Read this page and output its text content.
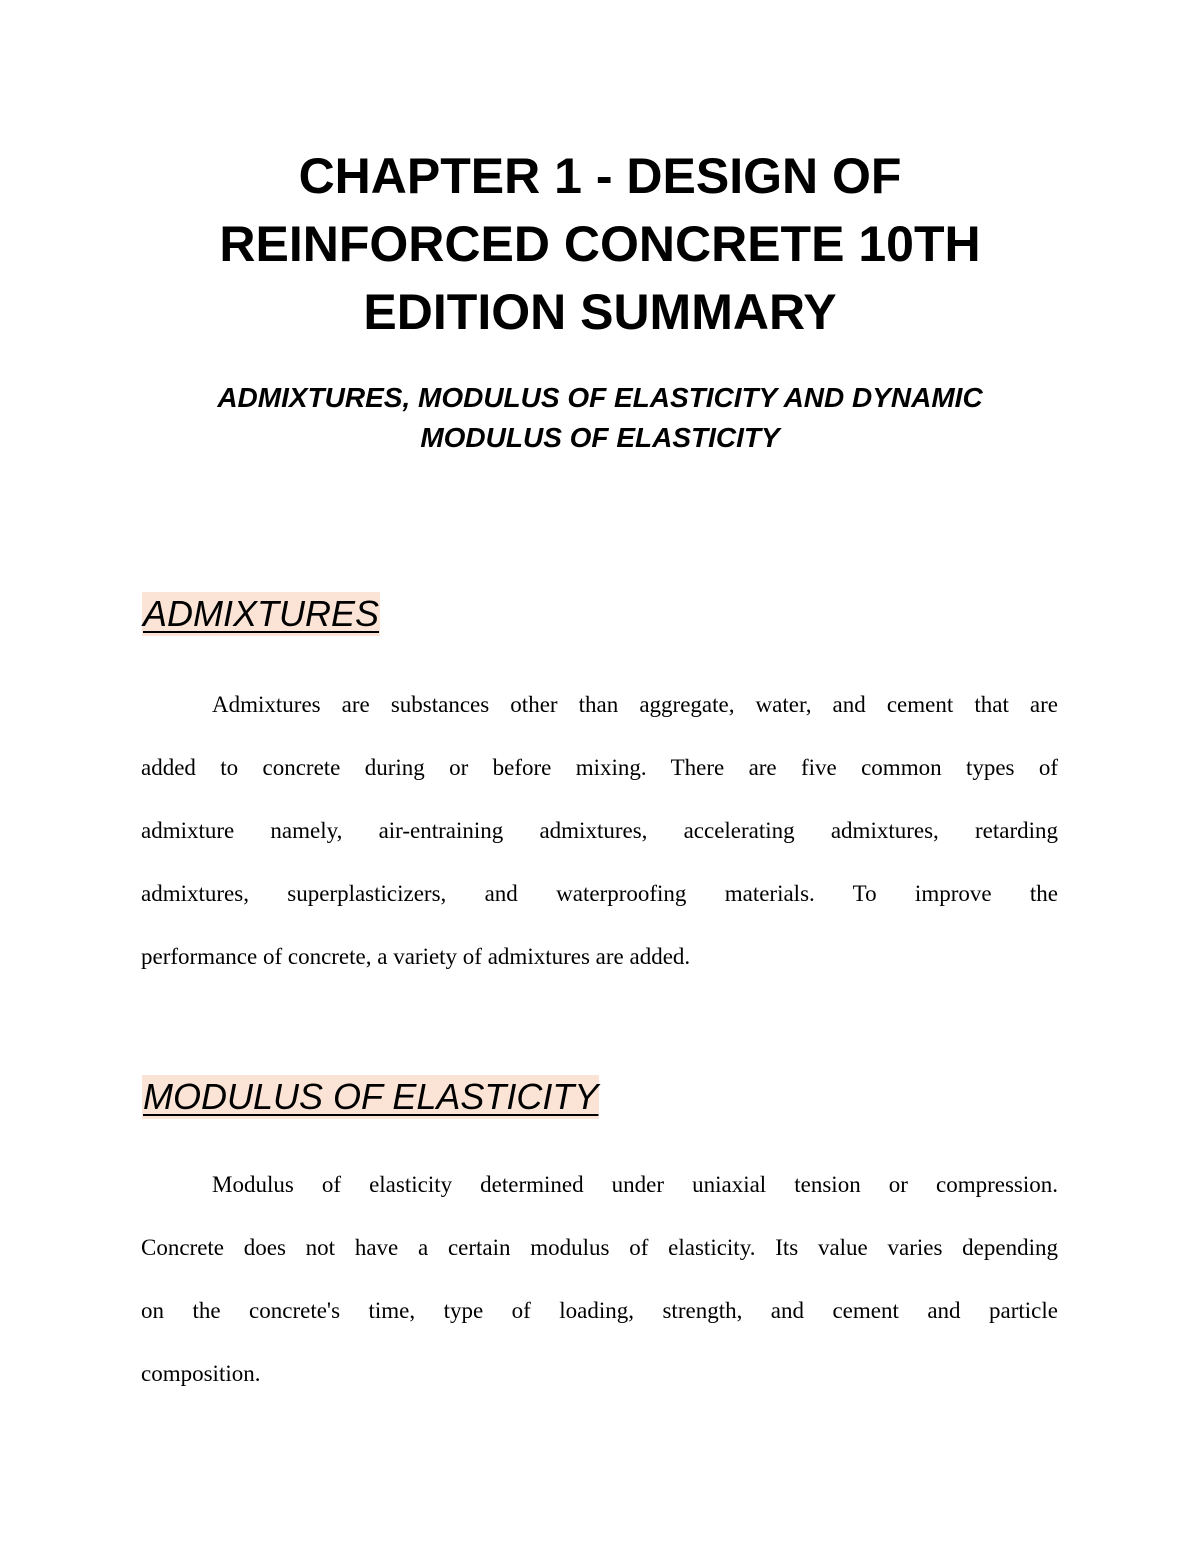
CHAPTER 1 - DESIGN OF
REINFORCED CONCRETE 10TH
EDITION SUMMARY
ADMIXTURES, MODULUS OF ELASTICITY AND DYNAMIC
MODULUS OF ELASTICITY
ADMIXTURES
Admixtures are substances other than aggregate, water, and cement that are
added to concrete during or before mixing. There are five common types of
admixture namely, air-entraining admixtures, accelerating admixtures, retarding
admixtures, superplasticizers, and waterproofing materials. To improve the
performance of concrete, a variety of admixtures are added.
MODULUS OF ELASTICITY
Modulus of elasticity determined under uniaxial tension or compression.
Concrete does not have a certain modulus of elasticity. Its value varies depending
on the concrete's time, type of loading, strength, and cement and particle
composition.
